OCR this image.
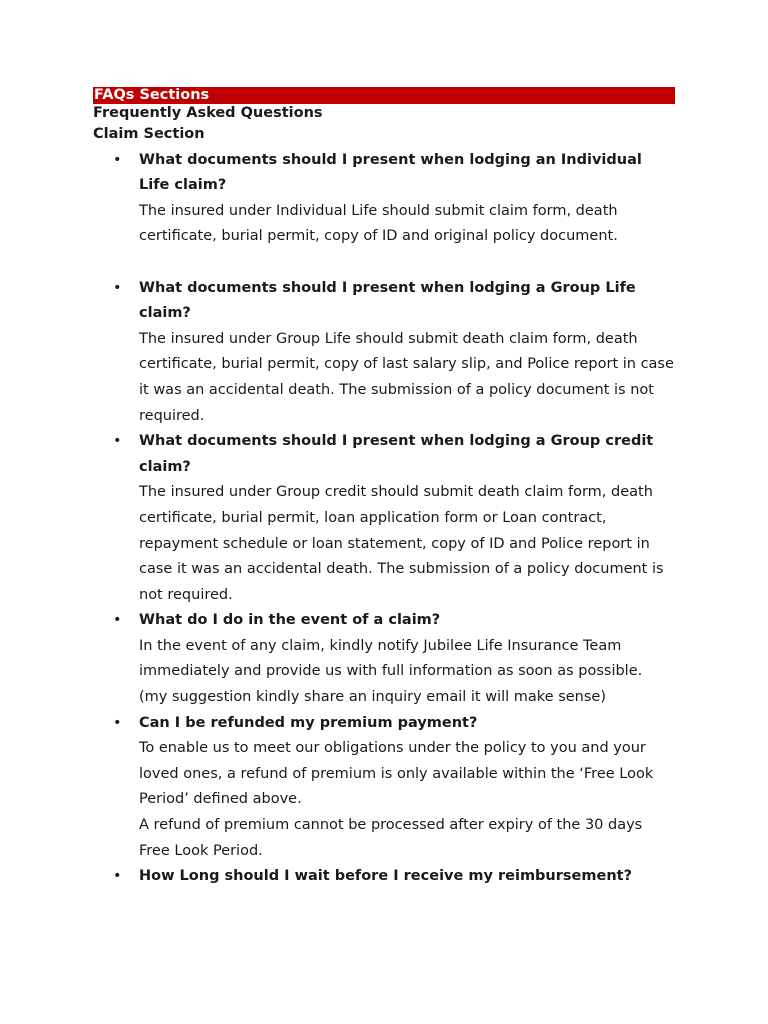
FAQs Sections
Frequently Asked Questions
Claim Section
• What documents should I present when lodging an Individual Life claim?
The insured under Individual Life should submit claim form, death certificate, burial permit, copy of ID and original policy document.
• What documents should I present when lodging a Group Life claim?
The insured under Group Life should submit death claim form, death certificate, burial permit, copy of last salary slip, and Police report in case it was an accidental death. The submission of a policy document is not required.
• What documents should I present when lodging a Group credit claim?
The insured under Group credit should submit death claim form, death certificate, burial permit, loan application form or Loan contract, repayment schedule or loan statement, copy of ID and Police report in case it was an accidental death. The submission of a policy document is not required.
• What do I do in the event of a claim?
In the event of any claim, kindly notify Jubilee Life Insurance Team immediately and provide us with full information as soon as possible. (my suggestion kindly share an inquiry email it will make sense)
• Can I be refunded my premium payment?
To enable us to meet our obligations under the policy to you and your loved ones, a refund of premium is only available within the ‘Free Look Period’ defined above.
A refund of premium cannot be processed after expiry of the 30 days Free Look Period.
• How Long should I wait before I receive my reimbursement?
